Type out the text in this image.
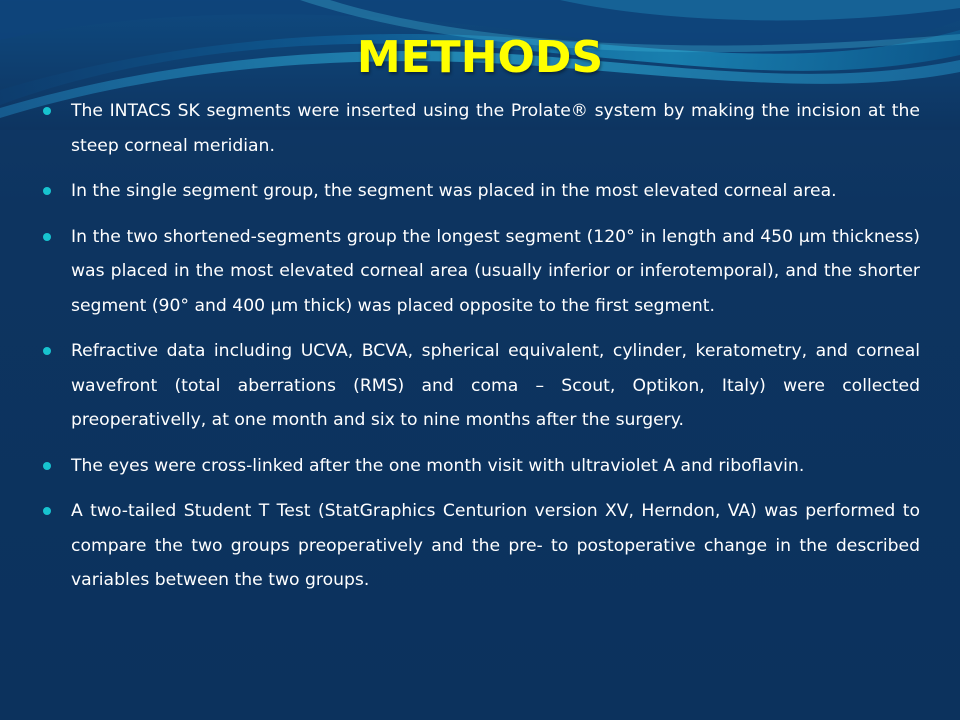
METHODS
The INTACS SK segments were inserted using the Prolate® system by making the incision at the steep corneal meridian.
In the single segment group, the segment was placed in the most elevated corneal area.
In the two shortened-segments group the longest segment (120° in length and 450 µm thickness) was placed in the most elevated corneal area (usually inferior or inferotemporal), and the shorter segment (90° and 400 µm thick) was placed opposite to the first segment.
Refractive data including UCVA, BCVA, spherical equivalent, cylinder, keratometry, and corneal wavefront (total aberrations (RMS) and coma – Scout, Optikon, Italy) were collected preoperativelly, at one month and six to nine months after the surgery.
The eyes were cross-linked after the one month visit with ultraviolet A and riboflavin.
A two-tailed Student T Test (StatGraphics Centurion version XV, Herndon, VA) was performed to compare the two groups preoperatively and the pre- to postoperative change in the described variables between the two groups.
